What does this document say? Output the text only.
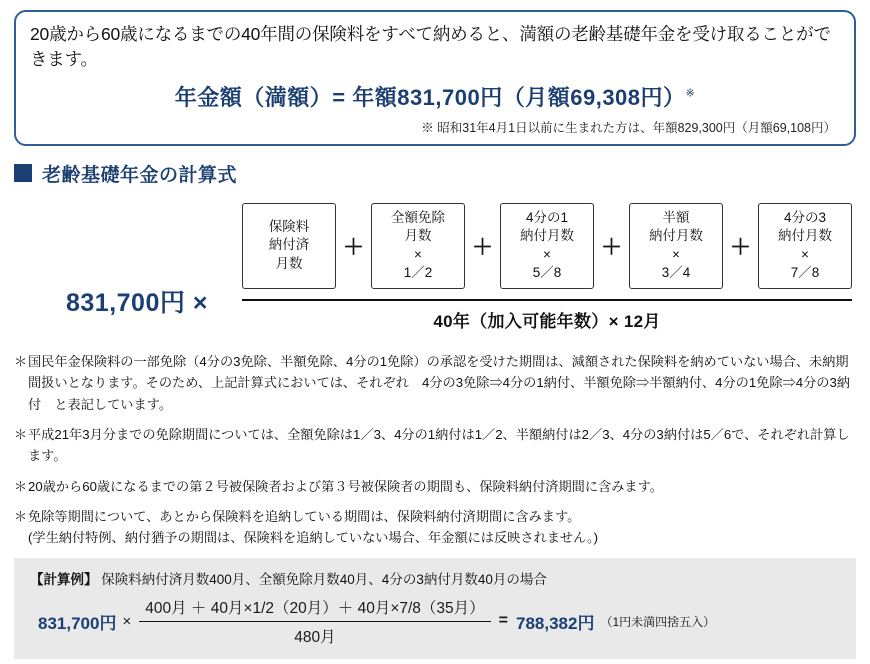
20歳から60歳になるまでの40年間の保険料をすべて納めると、満額の老齢基礎年金を受け取ることができます。
年金額（満額）= 年額831,700円（月額69,308円）※
※ 昭和31年4月1日以前に生まれた方は、年額829,300円（月額69,108円）
老齢基礎年金の計算式
831,700円 ×
保険料
納付済
月数
＋
全額免除
月数
×
1／2
＋
4分の1
納付月数
×
5／8
＋
半額
納付月数
×
3／4
＋
4分の3
納付月数
×
7／8
40年（加入可能年数）× 12月
＊ 国民年金保険料の一部免除（4分の3免除、半額免除、4分の1免除）の承認を受けた期間は、減額された保険料を納めていない場合、未納期間扱いとなります。そのため、上記計算式においては、それぞれ　4分の3免除⇒4分の1納付、半額免除⇒半額納付、4分の1免除⇒4分の3納付　と表記しています。
＊ 平成21年3月分までの免除期間については、全額免除は1／3、4分の1納付は1／2、半額納付は2／3、4分の3納付は5／6で、それぞれ計算します。
＊ 20歳から60歳になるまでの第２号被保険者および第３号被保険者の期間も、保険料納付済期間に含みます。
＊ 免除等期間について、あとから保険料を追納している期間は、保険料納付済期間に含みます。
(学生納付特例、納付猶予の期間は、保険料を追納していない場合、年金額には反映されません。)
【計算例】 保険料納付済月数400月、全額免除月数40月、4分の3納付月数40月の場合
831,700円 × $\frac{\text{400月 ＋ 40月×1/2（20月）＋ 40月×7/8（35月）}}{\text{480月}} = 788,382$円 （1円未満四捨五入）
